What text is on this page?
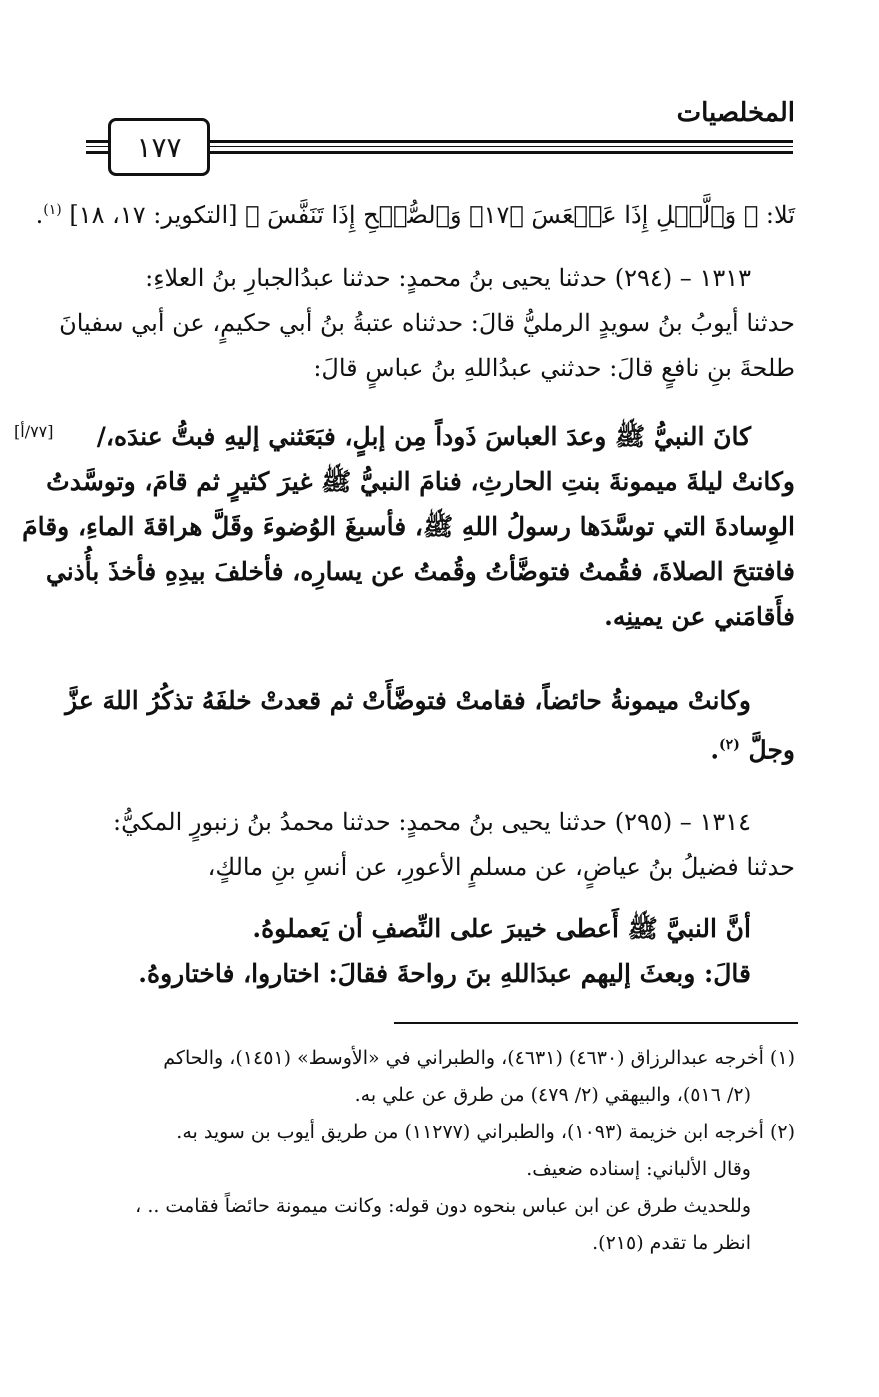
المخلصيات
١٧٧
تَلا: ﴿ وَٱلَّيۡلِ إِذَا عَسۡعَسَ ﴿١٧﴾ وَٱلصُّبۡحِ إِذَا تَنَفَّسَ ﴾ [التكوير: ١٧، ١٨] $^{(١)}$.
١٣١٣ – (٢٩٤) حدثنا يحيى بنُ محمدٍ: حدثنا عبدُالجبارِ بنُ العلاءِ:
حدثنا أيوبُ بنُ سويدٍ الرمليُّ قالَ: حدثناه عتبةُ بنُ أبي حكيمٍ، عن أبي سفيانَ
طلحةَ بنِ نافعٍ قالَ: حدثني عبدُاللهِ بنُ عباسٍ قالَ:
[٧٧/أ]	كانَ النبيُّ ﷺ وعدَ العباسَ ذَوداً مِن إبلٍ، فبَعَثني إليهِ فبتُّ عندَه،/
وكانتْ ليلةَ ميمونةَ بنتِ الحارثِ، فنامَ النبيُّ ﷺ غيرَ كثيرٍ ثم قامَ، وتوسَّدتُ
الوِسادةَ التي توسَّدَها رسولُ اللهِ ﷺ، فأسبغَ الوُضوءَ وقَلَّ هراقةَ الماءِ، وقامَ
فافتتحَ الصلاةَ، فقُمتُ فتوضَّأتُ وقُمتُ عن يسارِه، فأخلفَ بيدِهِ فأخذَ بأُذني
فأَقامَني عن يمينِه.
وكانتْ ميمونةُ حائضاً، فقامتْ فتوضَّأَتْ ثم قعدتْ خلفَهُ تذكُرُ اللهَ عزَّ
وجلَّ $^{(٢)}$.
١٣١٤ – (٢٩٥) حدثنا يحيى بنُ محمدٍ: حدثنا محمدُ بنُ زنبورٍ المكيُّ:
حدثنا فضيلُ بنُ عياضٍ، عن مسلمٍ الأعورِ، عن أنسِ بنِ مالكٍ،
أنَّ النبيَّ ﷺ أَعطى خيبرَ على النِّصفِ أن يَعملوهُ.
قالَ: وبعثَ إليهم عبدَاللهِ بنَ رواحةَ فقالَ: اختاروا، فاختاروهُ.
(١) أخرجه عبدالرزاق (٤٦٣٠) (٤٦٣١)، والطبراني في «الأوسط» (١٤٥١)، والحاكم
(٢/ ٥١٦)، والبيهقي (٢/ ٤٧٩) من طرق عن علي به.
(٢) أخرجه ابن خزيمة (١٠٩٣)، والطبراني (١١٢٧٧) من طريق أيوب بن سويد به.
وقال الألباني: إسناده ضعيف.
وللحديث طرق عن ابن عباس بنحوه دون قوله: وكانت ميمونة حائضاً فقامت .. ،
انظر ما تقدم (٢١٥).
